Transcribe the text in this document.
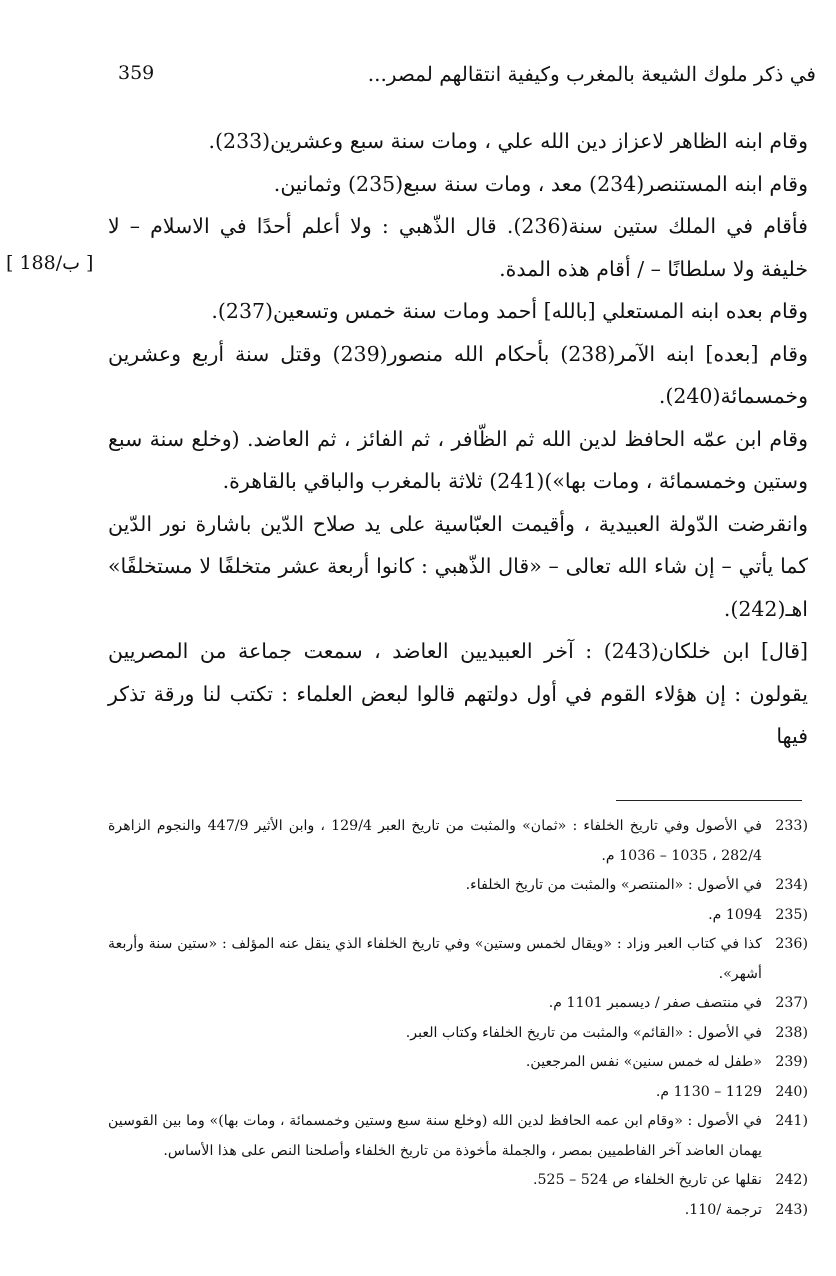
359	في ذكر ملوك الشيعة بالمغرب وكيفية انتقالهم لمصر...
[ 188/ب ]

وقام ابنه الظاهر لاعزاز دين الله علي ، ومات سنة سبع وعشرين(233).

وقام ابنه المستنصر(234) معد ، ومات سنة سبع(235) وثمانين.

فأقام في الملك ستين سنة(236). قال الذّهبي : ولا أعلم أحدًا في الاسلام – لا خليفة ولا سلطانًا – / أقام هذه المدة.

وقام بعده ابنه المستعلي [بالله] أحمد ومات سنة خمس وتسعين(237).

وقام [بعده] ابنه الآمر(238) بأحكام الله منصور(239) وقتل سنة أربع وعشرين وخمسمائة(240).

وقام ابن عمّه الحافظ لدين الله ثم الظّافر ، ثم الفائز ، ثم العاضد. (وخلع سنة سبع وستين وخمسمائة ، ومات بها»)(241) ثلاثة بالمغرب والباقي بالقاهرة.

وانقرضت الدّولة العبيدية ، وأقيمت العبّاسية على يد صلاح الدّين باشارة نور الدّين كما يأتي – إن شاء الله تعالى – «قال الذّهبي : كانوا أربعة عشر متخلفًا لا مستخلفًا» اهـ(242).

[قال] ابن خلكان(243) : آخر العبيديين العاضد ، سمعت جماعة من المصريين يقولون : إن هؤلاء القوم في أول دولتهم قالوا لبعض العلماء : تكتب لنا ورقة تذكر فيها

(233
في الأصول وفي تاريخ الخلفاء : «ثمان» والمثبت من تاريخ العبر 129/4 ، وابن الأثير 447/9 والنجوم الزاهرة 282/4 ، 1035 – 1036 م.
(234
في الأصول : «المنتصر» والمثبت من تاريخ الخلفاء.
(235
1094 م.
(236
كذا في كتاب العبر وزاد : «ويقال لخمس وستين» وفي تاريخ الخلفاء الذي ينقل عنه المؤلف : «ستين سنة وأربعة أشهر».
(237
في منتصف صفر / ديسمبر 1101 م.
(238
في الأصول : «القائم» والمثبت من تاريخ الخلفاء وكتاب العبر.
(239
«طفل له خمس سنين» نفس المرجعين.
(240
1129 – 1130 م.
(241
في الأصول : «وقام ابن عمه الحافظ لدين الله (وخلع سنة سبع وستين وخمسمائة ، ومات بها)» وما بين القوسين يهمان العاضد آخر الفاطميين بمصر ، والجملة مأخوذة من تاريخ الخلفاء وأصلحنا النص على هذا الأساس.
(242
نقلها عن تاريخ الخلفاء ص 524 – 525.
(243
ترجمة /110.
